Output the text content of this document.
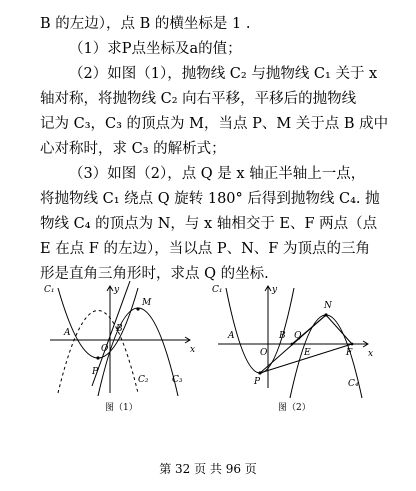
B 的左边），点 B 的横坐标是 1 .
（1）求P点坐标及a的值；
（2）如图（1），抛物线 C₂ 与抛物线 C₁ 关于 x
轴对称，将抛物线 C₂ 向右平移，平移后的抛物线
记为 C₃，C₃ 的顶点为 M，当点 P、M 关于点 B 成中
心对称时，求 C₃ 的解析式；
（3）如图（2），点 Q 是 x 轴正半轴上一点，
将抛物线 C₁ 绕点 Q 旋转 180° 后得到抛物线 C₄. 抛
物线 C₄ 的顶点为 N，与 x 轴相交于 E、F 两点（点
E 在点 F 的左边），当以点 P、N、F 为顶点的三角
形是直角三角形时，求点 Q 的坐标.
C₁	y
M
A	B
O	x
P
C₂	C₃
图（1）
C₁	y
N
A	B Q
O	E	F x
P	C₄
图（2）
第 32 页 共 96 页
